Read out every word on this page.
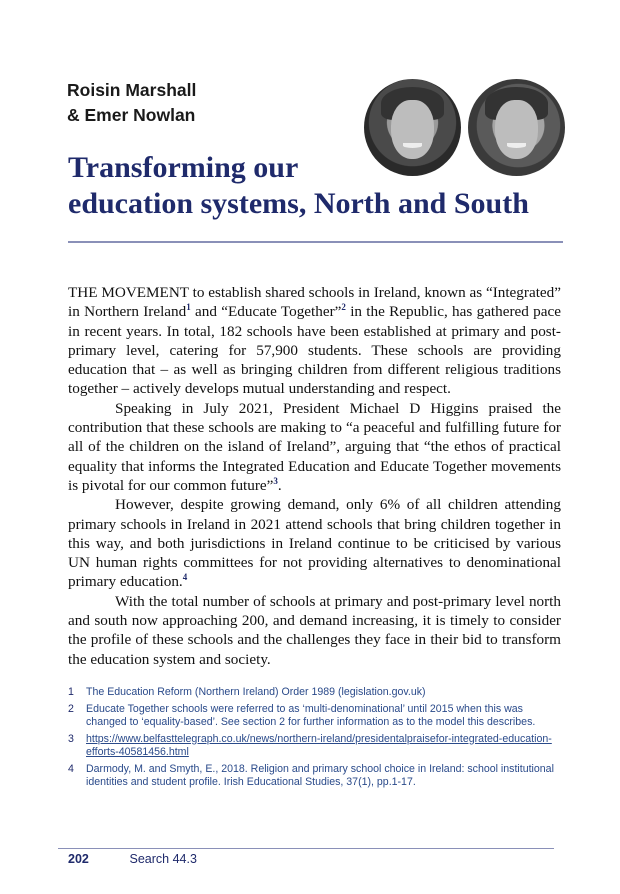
Roisin Marshall
& Emer Nowlan
Transforming our
education systems, North and South

THE MOVEMENT to establish shared schools in Ireland, known as “Integrated” in Northern Ireland$^1$ and “Educate Together”$^2$ in the Republic, has gathered pace in recent years. In total, 182 schools have been established at primary and post-primary level, catering for 57,900 students. These schools are providing education that – as well as bringing children from different religious traditions together – actively develops mutual understanding and respect.

Speaking in July 2021, President Michael D Higgins praised the contribution that these schools are making to “a peaceful and fulfilling future for all of the children on the island of Ireland”, arguing that “the ethos of practical equality that informs the Integrated Education and Educate Together movements is pivotal for our common future”$^3$.

However, despite growing demand, only 6% of all children attending primary schools in Ireland in 2021 attend schools that bring children together in this way, and both jurisdictions in Ireland continue to be criticised by various UN human rights committees for not providing alternatives to denominational primary education.$^4$

With the total number of schools at primary and post-primary level north and south now approaching 200, and demand increasing, it is timely to consider the profile of these schools and the challenges they face in their bid to transform the education system and society.

1	The Education Reform (Northern Ireland) Order 1989 (legislation.gov.uk)
2	Educate Together schools were referred to as ‘multi-denominational’ until 2015 when this was changed to ‘equality-based’. See section 2 for further information as to the model this describes.
3	https://www.belfasttelegraph.co.uk/news/northern-ireland/presidentalpraisefor-integrated-education-efforts-40581456.html
4	Darmody, M. and Smyth, E., 2018. Religion and primary school choice in Ireland: school institutional identities and student profile. Irish Educational Studies, 37(1), pp.1-17.
202	Search 44.3
